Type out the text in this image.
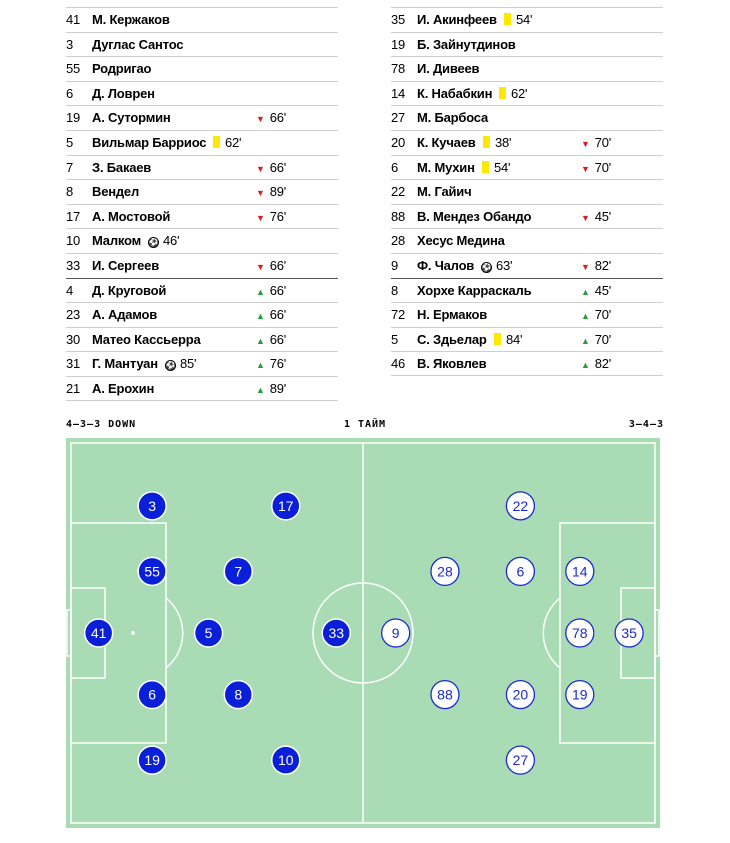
41 М. Кержаков
3 Дуглас Сантос
55 Родригао
6 Д. Ловрен
19 А. Сутормин	▼ 66'
5 Вильмар Барриос	62'
7 З. Бакаев	▼ 66'
8 Вендел	▼ 89'
17 А. Мостовой	▼ 76'
10 Малком ⚽ 46'
33 И. Сергеев	▼ 66'
4 Д. Круговой	▲ 66'
23 А. Адамов	▲ 66'
30 Матео Кассьерра	▲ 66'
31 Г. Мантуан ⚽ 85'	▲ 76'
21 А. Ерохин	▲ 89'
35 И. Акинфеев	54'
19 Б. Зайнутдинов
78 И. Дивеев
14 К. Набабкин	62'
27 М. Барбоса
20 К. Кучаев	38'	▼ 70'
6 М. Мухин	54'	▼ 70'
22 М. Гайич
88 В. Мендез Обандо	▼ 45'
28 Хесус Медина
9 Ф. Чалов ⚽ 63'	▼ 82'
8 Хорхе Карраскаль	▲ 45'
72 Н. Ермаков	▲ 70'
5 С. Здьелар	84'	▲ 70'
46 В. Яковлев	▲ 82'
4–3–3 DOWN	1 ТАЙМ	3–4–3
41
3
55
6
19
5
7
8
17
10
33	9
22
28	6	14
78 35
88	20	19
27
